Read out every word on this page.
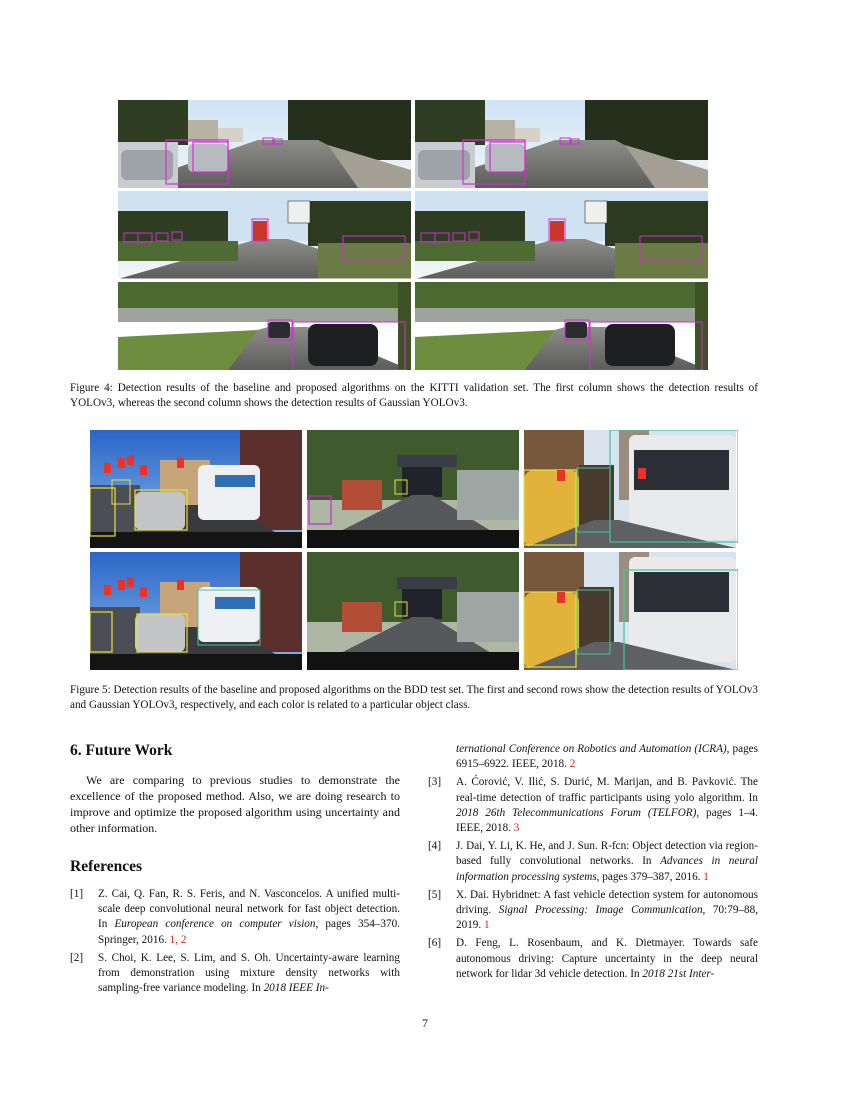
Figure 4: Detection results of the baseline and proposed algorithms on the KITTI validation set. The first column shows the detection results of YOLOv3, whereas the second column shows the detection results of Gaussian YOLOv3.
Figure 5: Detection results of the baseline and proposed algorithms on the BDD test set. The first and second rows show the detection results of YOLOv3 and Gaussian YOLOv3, respectively, and each color is related to a particular object class.
6. Future Work

We are comparing to previous studies to demonstrate the excellence of the proposed method. Also, we are doing research to improve and optimize the proposed algorithm using uncertainty and other information.

References
[1] Z. Cai, Q. Fan, R. S. Feris, and N. Vasconcelos. A unified multi-scale deep convolutional neural network for fast object detection. In European conference on computer vision, pages 354–370. Springer, 2016. 1, 2
[2] S. Choi, K. Lee, S. Lim, and S. Oh. Uncertainty-aware learning from demonstration using mixture density networks with sampling-free variance modeling. In 2018 IEEE In-
ternational Conference on Robotics and Automation (ICRA), pages 6915–6922. IEEE, 2018. 2
[3] A. Ćorović, V. Ilić, S. Durić, M. Marijan, and B. Pavković. The real-time detection of traffic participants using yolo algorithm. In 2018 26th Telecommunications Forum (TELFOR), pages 1–4. IEEE, 2018. 3
[4] J. Dai, Y. Li, K. He, and J. Sun. R-fcn: Object detection via region-based fully convolutional networks. In Advances in neural information processing systems, pages 379–387, 2016. 1
[5] X. Dai. Hybridnet: A fast vehicle detection system for autonomous driving. Signal Processing: Image Communication, 70:79–88, 2019. 1
[6] D. Feng, L. Rosenbaum, and K. Dietmayer. Towards safe autonomous driving: Capture uncertainty in the deep neural network for lidar 3d vehicle detection. In 2018 21st Inter-
7
